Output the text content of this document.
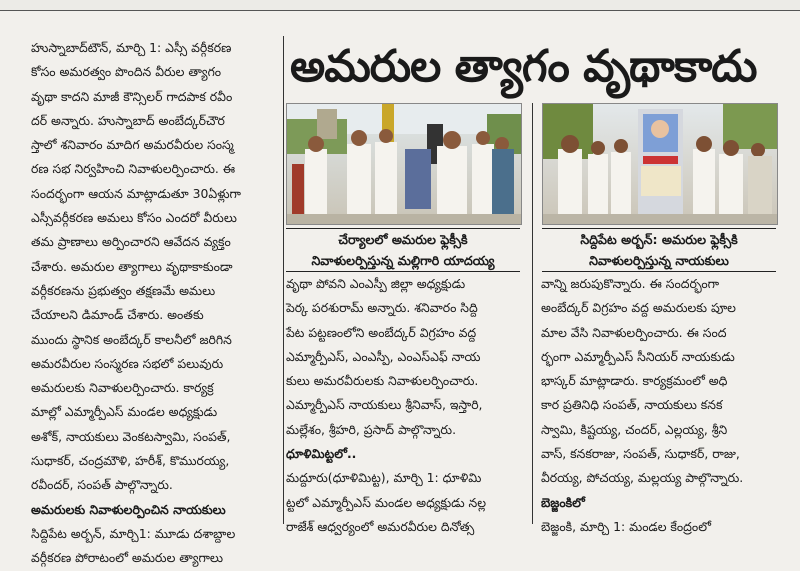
హుస్నాబాద్‌టౌన్, మార్చి 1: ఎస్సీ వర్గీకరణ
కోసం అమరత్వం పొందిన వీరుల త్యాగం
వృథా కాదని మాజీ కౌన్సిలర్ గాదపాక రవీం
దర్ అన్నారు. హుస్నాబాద్ అంబేద్కర్‌చౌర
స్తాలో శనివారం మాదిగ అమరవీరుల సంస్మ
రణ సభ నిర్వహించి నివాళులర్పించారు. ఈ
సందర్భంగా ఆయన మాట్లాడుతూ 30ఏళ్లుగా
ఎస్సీవర్గీకరణ అమలు కోసం ఎందరో వీరులు
తమ ప్రాణాలు అర్పించారని ఆవేదన వ్యక్తం
చేశారు. అమరుల త్యాగాలు వృథాకాకుండా
వర్గీకరణను ప్రభుత్వం తక్షణమే అమలు
చేయాలని డిమాండ్ చేశారు. అంతకు
ముందు స్థానిక అంబేద్కర్ కాలనీలో జరిగిన
అమరవీరుల సంస్మరణ సభలో పలువురు
అమరులకు నివాళులర్పించారు. కార్యక్ర
మాల్లో ఎమ్మార్పీఎస్ మండల అధ్యక్షుడు
అశోక్, నాయకులు వెంకటస్వామి, సంపత్,
సుధాకర్, చంద్రమౌళి, హరీశ్, కొమురయ్య,
రవీందర్, సంపత్ పాల్గొన్నారు.
అమరులకు నివాళులర్పించిన నాయకులు
సిద్దిపేట అర్బన్, మార్చి1: మూడు దశాబ్దాల
వర్గీకరణ పోరాటంలో అమరుల త్యాగాలు
అమరుల త్యాగం వృథాకాదు
చేర్యాలలో అమరుల ఫ్లెక్సీకి
నివాళులర్పిస్తున్న మల్లిగారి యాదయ్య
సిద్దిపేట అర్బన్: అమరుల ఫ్లెక్సీకి
నివాళులర్పిస్తున్న నాయకులు
వృథా పోవని ఎంఎస్పీ జిల్లా అధ్యక్షుడు
పెర్క పరశురామ్ అన్నారు. శనివారం సిద్ది
పేట పట్టణంలోని అంబేద్కర్ విగ్రహం వద్ద
ఎమ్మార్పీఎస్, ఎంఎస్పీ, ఎంఎస్ఎఫ్ నాయ
కులు అమరవీరులకు నివాళులర్పించారు.
ఎమ్మార్పీఎస్ నాయకులు శ్రీనివాస్, ఇస్తారి,
మల్లేశం, శ్రీహరి, ప్రసాద్ పాల్గొన్నారు.
ధూళిమిట్టలో..
మద్దూరు(ధూళిమిట్ట), మార్చి 1: ధూళిమి
ట్టలో ఎమ్మార్పీఎస్ మండల అధ్యక్షుడు నల్ల
రాజేశ్ ఆధ్వర్యంలో అమరవీరుల దినోత్స
వాన్ని జరుపుకొన్నారు. ఈ సందర్భంగా
అంబేద్కర్ విగ్రహం వద్ద అమరులకు పూల
మాల వేసి నివాళులర్పించారు. ఈ సంద
ర్భంగా ఎమ్మార్పీఎస్ సీనియర్ నాయకుడు
భాస్కర్ మాట్లాడారు. కార్యక్రమంలో అధి
కార ప్రతినిధి సంపత్, నాయకులు కనక
స్వామి, కిష్టయ్య, చందర్, ఎల్లయ్య, శ్రీని
వాస్, కనకరాజు, సంపత్, సుధాకర్, రాజు,
వీరయ్య, పోచయ్య, మల్లయ్య పాల్గొన్నారు.
బెజ్జంకిలో
బెజ్జంకి, మార్చి 1: మండల కేంద్రంలో
